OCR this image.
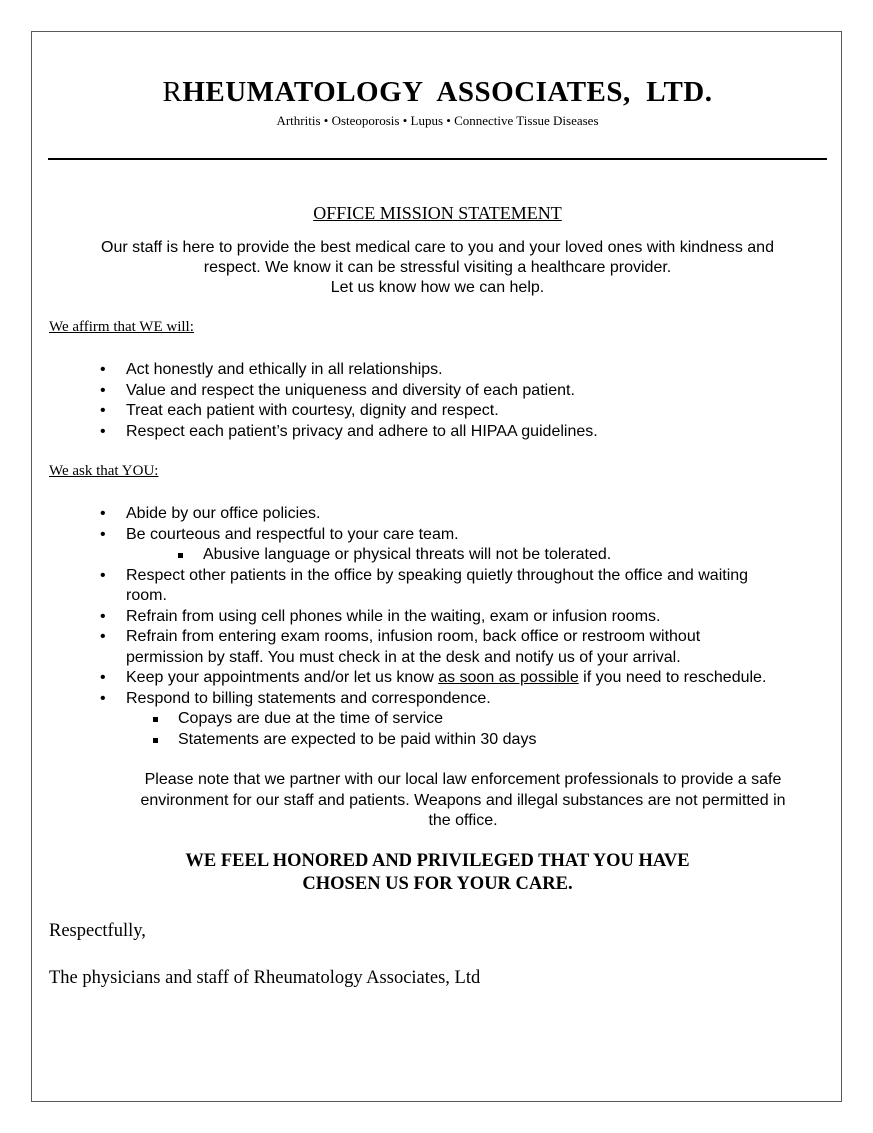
RHEUMATOLOGY  ASSOCIATES,  LTD.
Arthritis • Osteoporosis • Lupus • Connective Tissue Diseases
OFFICE MISSION STATEMENT
Our staff is here to provide the best medical care to you and your loved ones with kindness and
respect. We know it can be stressful visiting a healthcare provider.
Let us know how we can help.
We affirm that WE will:
• Act honestly and ethically in all relationships.
• Value and respect the uniqueness and diversity of each patient.
• Treat each patient with courtesy, dignity and respect.
• Respect each patient’s privacy and adhere to all HIPAA guidelines.
We ask that YOU:
• Abide by our office policies.
• Be courteous and respectful to your care team.
Abusive language or physical threats will not be tolerated.
• Respect other patients in the office by speaking quietly throughout the office and waiting
room.
• Refrain from using cell phones while in the waiting, exam or infusion rooms.
• Refrain from entering exam rooms, infusion room, back office or restroom without
permission by staff. You must check in at the desk and notify us of your arrival.
• Keep your appointments and/or let us know as soon as possible if you need to reschedule.
• Respond to billing statements and correspondence.
Copays are due at the time of service
Statements are expected to be paid within 30 days
Please note that we partner with our local law enforcement professionals to provide a safe
environment for our staff and patients. Weapons and illegal substances are not permitted in
the office.
WE FEEL HONORED AND PRIVILEGED THAT YOU HAVE
CHOSEN US FOR YOUR CARE.
Respectfully,
The physicians and staff of Rheumatology Associates, Ltd
